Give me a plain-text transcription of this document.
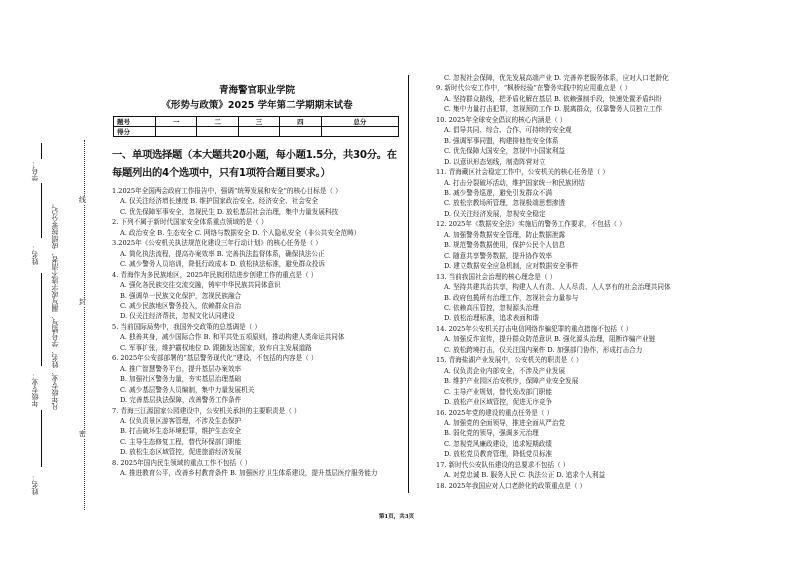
青海警官职业学院
《形势与政策》2025 学年第二学期期末试卷
题号	一	二	三	四	总分
得分					
一、单项选择题（本大题共20小题，每小题1.5分，共30分。在
每题列出的4个选项中，只有1项符合题目要求。）
1.2025年全国两会政府工作报告中，强调“统筹发展和安全”的核心目标是（ ）
A. 仅关注经济增长速度 B. 维护国家政治安全、经济安全、社会安全
C. 优先保障军事安全，忽视民生 D. 放松基层社会治理，集中力量发展科技
2. 下列不属于新时代国家安全体系重点领域的是（ ）
A. 政治安全 B. 生态安全 C. 网络与数据安全 D. 个人隐私安全（非公共安全范畴）
3.2025年《公安机关执法规范化建设三年行动计划》的核心任务是（ ）
A. 简化执法流程，提高办案效率 B. 完善执法监督体系，确保执法公正
C. 减少警务人员培训，降低行政成本 D. 放松执法标准，避免群众投诉
4. 青海作为多民族地区，2025年民族团结进步创建工作的重点是（ ）
A. 强化各民族交往交流交融，铸牢中华民族共同体意识
B. 强调单一民族文化保护，忽视民族融合
C. 减少民族地区警务投入，依赖群众自治
D. 仅关注经济帮扶，忽视文化认同建设
5. 当前国际局势中，我国外交政策的总基调是（ ）
A. 独善其身，减少国际合作 B. 和平共处五项原则，推动构建人类命运共同体
C. 军事扩张，维护霸权地位 D. 跟随发达国家，放弃自主发展道路
6. 2025年公安部部署的“基层警务现代化”建设，不包括的内容是（ ）
A. 推广智慧警务平台，提升基层办案效率
B. 加强社区警务力量，夯实基层治理基础
C. 减少基层警务人员编制，集中力量发展机关
D. 完善基层执法保障，改善警务工作条件
7. 青海三江源国家公园建设中，公安机关承担的主要职责是（ ）
A. 仅负责景区游客管理，不涉及生态保护
B. 打击破坏生态环境犯罪，维护生态安全
C. 主导生态修复工程，替代环保部门职能
D. 放松生态区域管控，促进旅游经济发展
8. 2025年国内民生领域的重点工作不包括（ ）
A. 推进教育公平，改善乡村教育条件 B. 加强医疗卫生体系建设，提升基层医疗服务能力
C. 忽视社会保障，优先发展高端产业 D. 完善养老服务体系，应对人口老龄化
9. 新时代公安工作中，“枫桥经验”在警务实践中的应用重点是（ ）
A. 坚持群众路线，把矛盾化解在基层 B. 依赖强制手段，快速处置矛盾纠纷
C. 集中力量打击犯罪，忽视预防工作 D. 脱离群众，仅靠警务人员独立工作
10. 2025年全球安全倡议的核心内涵是（ ）
A. 倡导共同、综合、合作、可持续的安全观
B. 强调军事同盟，构建排他性安全体系
C. 优先保障大国安全，忽视中小国家利益
D. 以意识形态划线，制造阵营对立
11. 青海藏区社会稳定工作中，公安机关的核心任务是（ ）
A. 打击分裂破坏活动，维护国家统一和民族团结
B. 减少警务巡逻，避免引发群众不满
C. 放松宗教场所管理，忽视极端思想渗透
D. 仅关注经济发展，忽视安全稳定
12. 2025年《数据安全法》实施后的警务工作要求，不包括（ ）
A. 加强警务数据安全管理，防止数据泄露
B. 规范警务数据使用，保护公民个人信息
C. 随意共享警务数据，提升协作效率
D. 建立数据安全应急机制，应对数据安全事件
13. 当前我国社会治理的核心理念是（ ）
A. 坚持共建共治共享，构建人人有责、人人尽责、人人享有的社会治理共同体
B. 政府包揽所有治理工作，忽视社会力量参与
C. 依赖高压管控，忽视源头治理
D. 放松治理标准，追求表面和谐
14. 2025年公安机关打击电信网络诈骗犯罪的重点措施不包括（ ）
A. 加强反诈宣传，提升群众防范意识 B. 强化源头治理，阻断诈骗产业链
C. 放松跨境打击，仅关注国内案件 D. 加强部门协作，形成打击合力
15. 青海盐湖产业发展中，公安机关的职责是（ ）
A. 仅负责企业内部安全，不涉及产业发展
B. 维护产业园区治安秩序，保障产业安全发展
C. 主导产业规划，替代发改部门职能
D. 放松产业区域管控，促进无序竞争
16. 2025年党的建设的重点任务是（ ）
A. 加强党的全面领导，推进全面从严治党
B. 弱化党的领导，强调多元治理
C. 忽视党风廉政建设，追求短期政绩
D. 放松党员教育管理，降低党员标准
17. 新时代公安队伍建设的总要求不包括（ ）
A. 对党忠诚 B. 服务人民 C. 执法公正 D. 追求个人利益
18. 2025年我国应对人口老龄化的政策重点是（ ）
学号：
姓名：
年级专业：
姓名：
凡年级专业、姓名、学号错写、漏写或字迹不清者，成绩按零分记。	线
封
密
第1页，共3页
